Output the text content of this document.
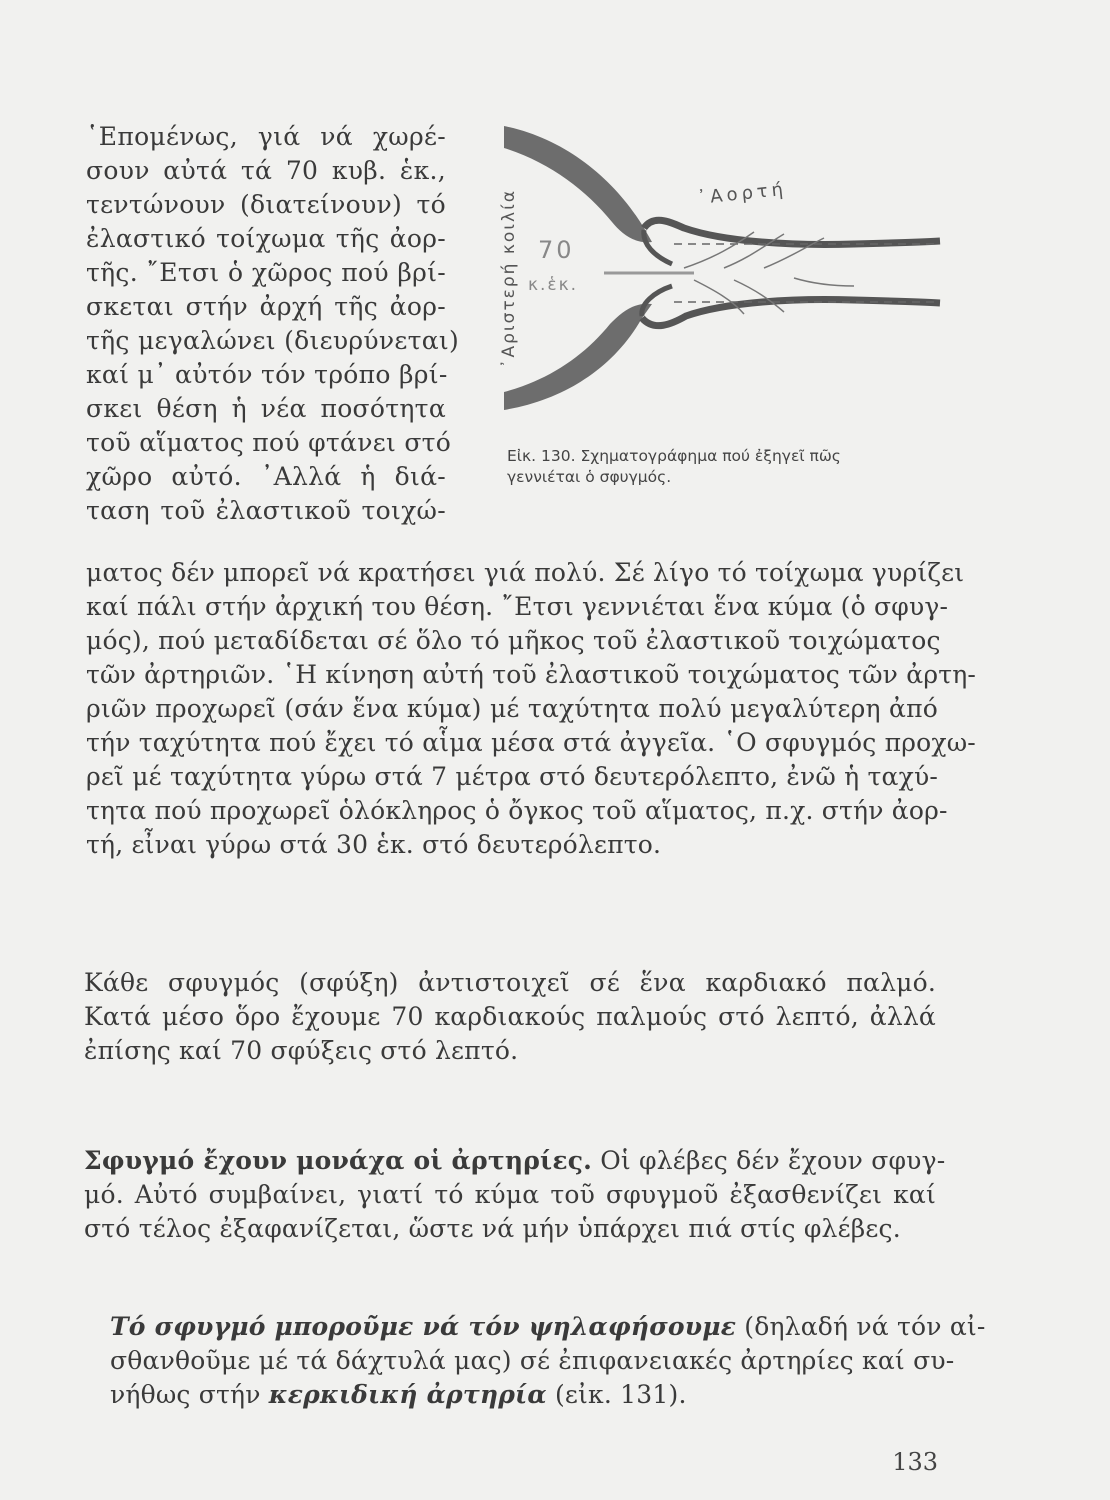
῾Επομένως, γιά νά χωρέ-
σουν αὐτά τά 70 κυβ. ἑκ.,
τεντώνουν (διατείνουν) τό
ἐλαστικό τοίχωμα τῆς ἀορ-
τῆς. ῎Ετσι ὁ χῶρος πού βρί-
σκεται στήν ἀρχή τῆς ἀορ-
τῆς μεγαλώνει (διευρύνεται)
καί μ᾿ αὐτόν τόν τρόπο βρί-
σκει θέση ἡ νέα ποσότητα
τοῦ αἵματος πού φτάνει στό
χῶρο αὐτό. ᾿Αλλά ἡ διά-
ταση τοῦ ἐλαστικοῦ τοιχώ-
᾿Αορτή
70
κ.ἑκ.
᾿Αριστερή κοιλία
Εἰκ. 130. Σχηματογράφημα πού ἐξηγεῖ πῶς
γεννιέται ὁ σφυγμός.
ματος δέν μπορεῖ νά κρατήσει γιά πολύ. Σέ λίγο τό τοίχωμα γυρίζει
καί πάλι στήν ἀρχική του θέση. ῎Ετσι γεννιέται ἕνα κύμα (ὁ σφυγ-
μός), πού μεταδίδεται σέ ὅλο τό μῆκος τοῦ ἐλαστικοῦ τοιχώματος
τῶν ἀρτηριῶν. ῾Η κίνηση αὐτή τοῦ ἐλαστικοῦ τοιχώματος τῶν ἀρτη-
ριῶν προχωρεῖ (σάν ἕνα κύμα) μέ ταχύτητα πολύ μεγαλύτερη ἀπό
τήν ταχύτητα πού ἔχει τό αἷμα μέσα στά ἀγγεῖα. ῾Ο σφυγμός προχω-
ρεῖ μέ ταχύτητα γύρω στά 7 μέτρα στό δευτερόλεπτο, ἐνῶ ἡ ταχύ-
τητα πού προχωρεῖ ὁλόκληρος ὁ ὄγκος τοῦ αἵματος, π.χ. στήν ἀορ-
τή, εἶναι γύρω στά 30 ἑκ. στό δευτερόλεπτο.
Κάθε σφυγμός (σφύξη) ἀντιστοιχεῖ σέ ἕνα καρδιακό παλμό.
Κατά μέσο ὅρο ἔχουμε 70 καρδιακούς παλμούς στό λεπτό, ἀλλά
ἐπίσης καί 70 σφύξεις στό λεπτό.
Σφυγμό ἔχουν μονάχα οἱ ἀρτηρίες. Οἱ φλέβες δέν ἔχουν σφυγ-
μό. Αὐτό συμβαίνει, γιατί τό κύμα τοῦ σφυγμοῦ ἐξασθενίζει καί
στό τέλος ἐξαφανίζεται, ὥστε νά μήν ὑπάρχει πιά στίς φλέβες.
Τό σφυγμό μποροῦμε νά τόν ψηλαφήσουμε (δηλαδή νά τόν αἰ-
σθανθοῦμε μέ τά δάχτυλά μας) σέ ἐπιφανειακές ἀρτηρίες καί συ-
νήθως στήν κερκιδική ἀρτηρία (εἰκ. 131).
133
